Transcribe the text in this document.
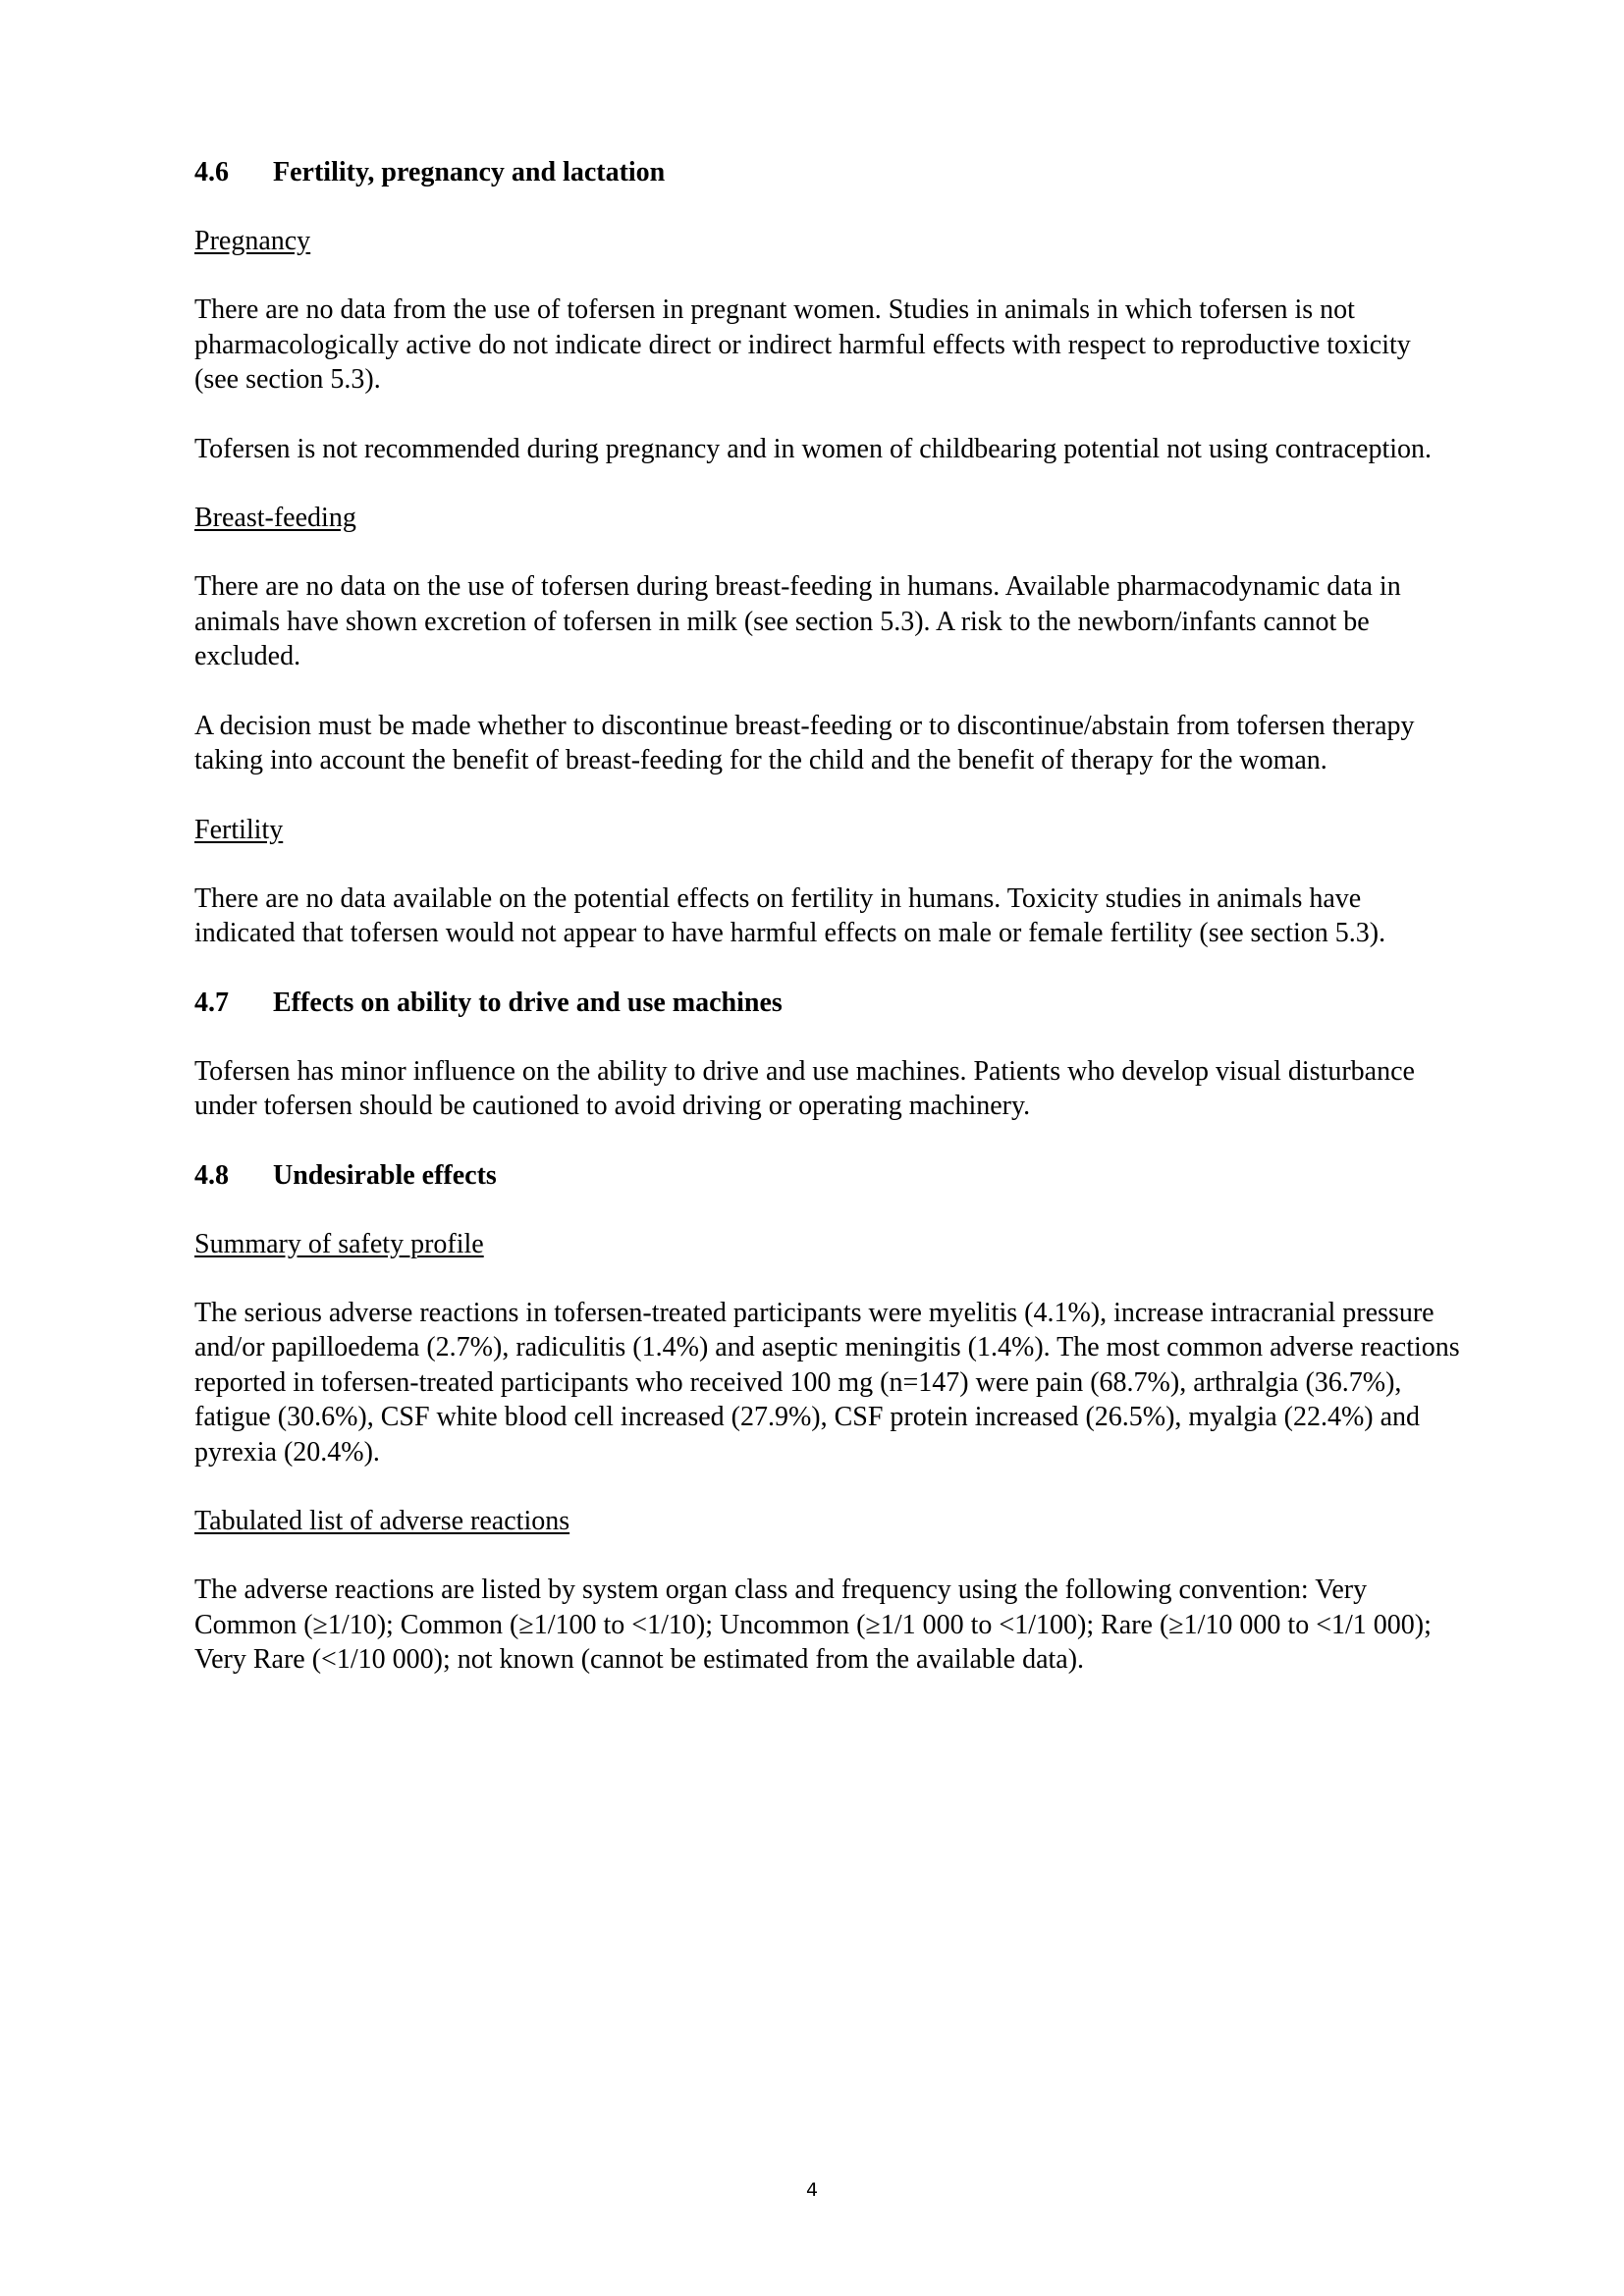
4.6	Fertility, pregnancy and lactation
Pregnancy

There are no data from the use of tofersen in pregnant women. Studies in animals in which tofersen is not pharmacologically active do not indicate direct or indirect harmful effects with respect to reproductive toxicity (see section 5.3).

Tofersen is not recommended during pregnancy and in women of childbearing potential not using contraception.

Breast-feeding

There are no data on the use of tofersen during breast-feeding in humans. Available pharmacodynamic data in animals have shown excretion of tofersen in milk (see section 5.3). A risk to the newborn/infants cannot be excluded.

A decision must be made whether to discontinue breast-feeding or to discontinue/abstain from tofersen therapy taking into account the benefit of breast-feeding for the child and the benefit of therapy for the woman.

Fertility

There are no data available on the potential effects on fertility in humans. Toxicity studies in animals have indicated that tofersen would not appear to have harmful effects on male or female fertility (see section 5.3).

4.7	Effects on ability to drive and use machines

Tofersen has minor influence on the ability to drive and use machines. Patients who develop visual disturbance under tofersen should be cautioned to avoid driving or operating machinery.

4.8	Undesirable effects
Summary of safety profile

The serious adverse reactions in tofersen-treated participants were myelitis (4.1%), increase intracranial pressure and/or papilloedema (2.7%), radiculitis (1.4%) and aseptic meningitis (1.4%). The most common adverse reactions reported in tofersen-treated participants who received 100 mg (n=147) were pain (68.7%), arthralgia (36.7%), fatigue (30.6%), CSF white blood cell increased (27.9%), CSF protein increased (26.5%), myalgia (22.4%) and pyrexia (20.4%).

Tabulated list of adverse reactions

The adverse reactions are listed by system organ class and frequency using the following convention: Very Common (≥1/10); Common (≥1/100 to <1/10); Uncommon (≥1/1 000 to <1/100); Rare (≥1/10 000 to <1/1 000); Very Rare (<1/10 000); not known (cannot be estimated from the available data).

4
